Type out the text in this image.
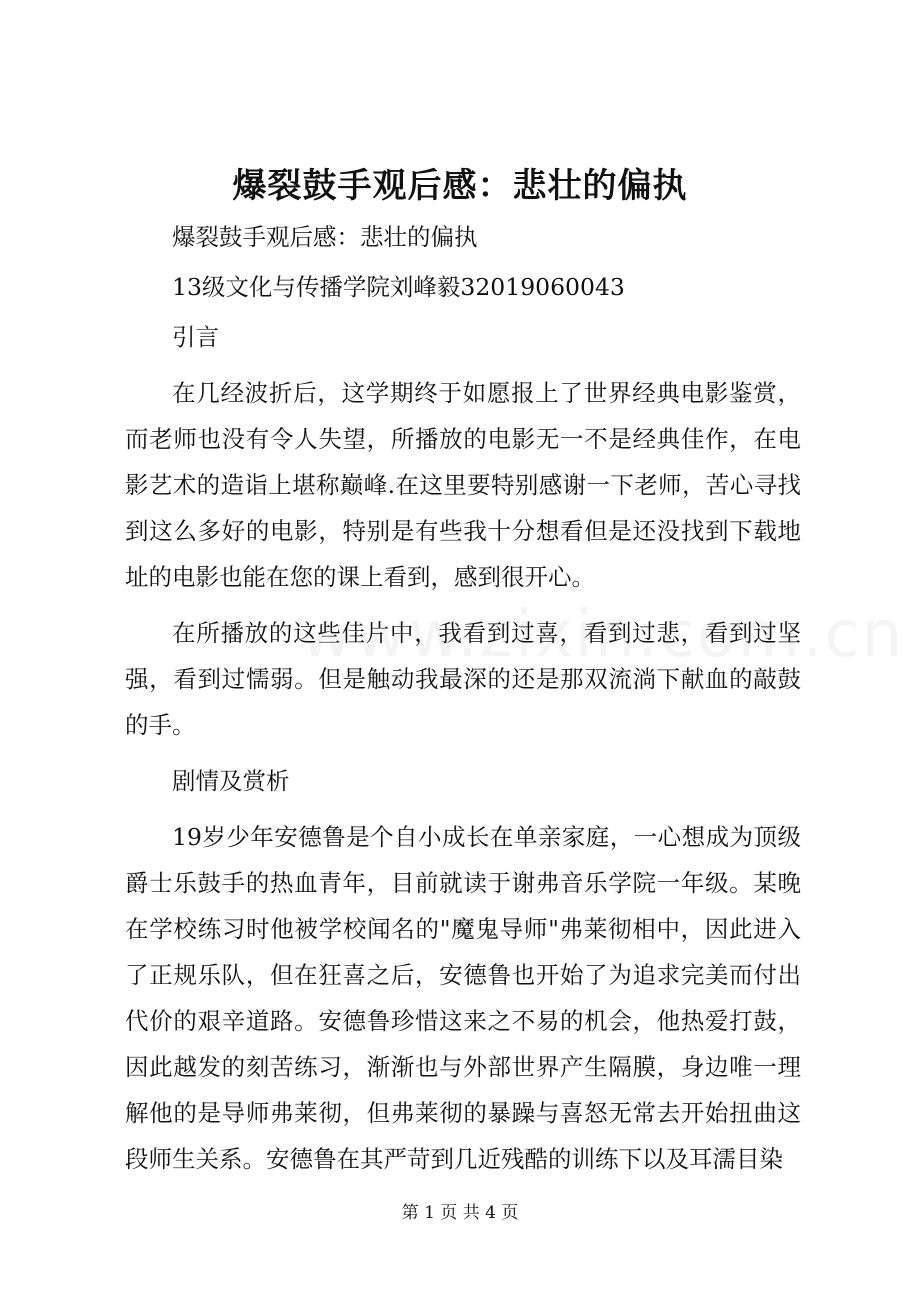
爆裂鼓手观后感：悲壮的偏执

爆裂鼓手观后感：悲壮的偏执

13级文化与传播学院刘峰毅32019060043

引言

在几经波折后，这学期终于如愿报上了世界经典电影鉴赏，而老师也没有令人失望，所播放的电影无一不是经典佳作，在电影艺术的造诣上堪称巅峰.在这里要特别感谢一下老师，苦心寻找到这么多好的电影，特别是有些我十分想看但是还没找到下载地址的电影也能在您的课上看到，感到很开心。

在所播放的这些佳片中，我看到过喜，看到过悲，看到过坚强，看到过懦弱。但是触动我最深的还是那双流淌下献血的敲鼓的手。

剧情及赏析

19岁少年安德鲁是个自小成长在单亲家庭，一心想成为顶级爵士乐鼓手的热血青年，目前就读于谢弗音乐学院一年级。某晚在学校练习时他被学校闻名的"魔鬼导师"弗莱彻相中，因此进入了正规乐队，但在狂喜之后，安德鲁也开始了为追求完美而付出代价的艰辛道路。安德鲁珍惜这来之不易的机会，他热爱打鼓，因此越发的刻苦练习，渐渐也与外部世界产生隔膜，身边唯一理解他的是导师弗莱彻，但弗莱彻的暴躁与喜怒无常去开始扭曲这段师生关系。安德鲁在其严苛到几近残酷的训练下以及耳濡目染

第 1 页 共 4 页
